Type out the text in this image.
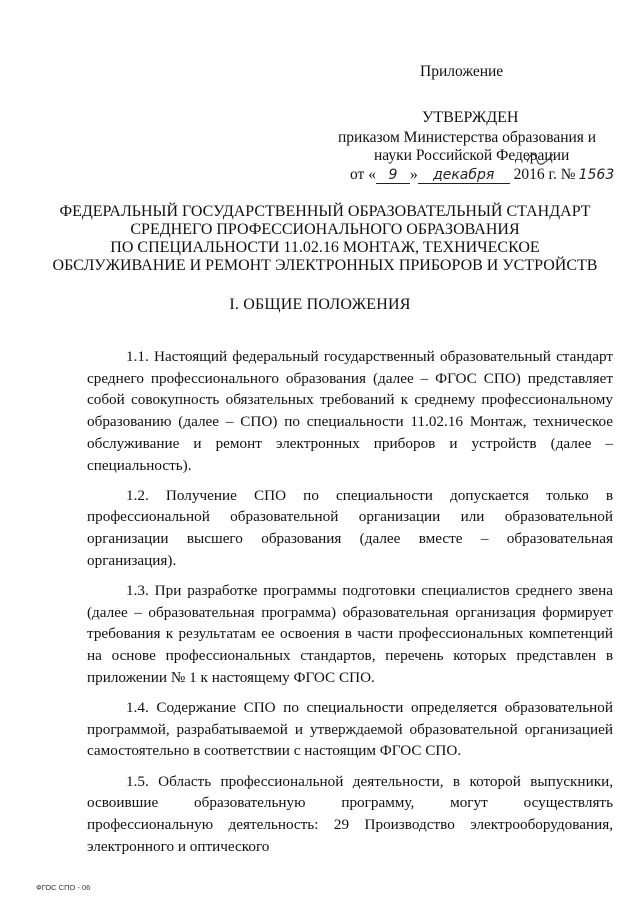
Приложение
УТВЕРЖДЕН
приказом Министерства образования и
науки Российской Федерации
от « 9 » декабря 2016 г. № 1563
ФЕДЕРАЛЬНЫЙ ГОСУДАРСТВЕННЫЙ ОБРАЗОВАТЕЛЬНЫЙ СТАНДАРТ
СРЕДНЕГО ПРОФЕССИОНАЛЬНОГО ОБРАЗОВАНИЯ
ПО СПЕЦИАЛЬНОСТИ 11.02.16 МОНТАЖ, ТЕХНИЧЕСКОЕ
ОБСЛУЖИВАНИЕ И РЕМОНТ ЭЛЕКТРОННЫХ ПРИБОРОВ И УСТРОЙСТВ
I. ОБЩИЕ ПОЛОЖЕНИЯ

1.1. Настоящий федеральный государственный образовательный стандарт среднего профессионального образования (далее – ФГОС СПО) представляет собой совокупность обязательных требований к среднему профессиональному образованию (далее – СПО) по специальности 11.02.16 Монтаж, техническое обслуживание и ремонт электронных приборов и устройств (далее – специальность).

1.2. Получение СПО по специальности допускается только в профессиональной образовательной организации или образовательной организации высшего образования (далее вместе – образовательная организация).

1.3. При разработке программы подготовки специалистов среднего звена (далее – образовательная программа) образовательная организация формирует требования к результатам ее освоения в части профессиональных компетенций на основе профессиональных стандартов, перечень которых представлен в приложении № 1 к настоящему ФГОС СПО.

1.4. Содержание СПО по специальности определяется образовательной программой, разрабатываемой и утверждаемой образовательной организацией самостоятельно в соответствии с настоящим ФГОС СПО.

1.5. Область профессиональной деятельности, в которой выпускники, освоившие образовательную программу, могут осуществлять профессиональную деятельность: 29 Производство электрооборудования, электронного и оптического

ФГОС СПО - 06
